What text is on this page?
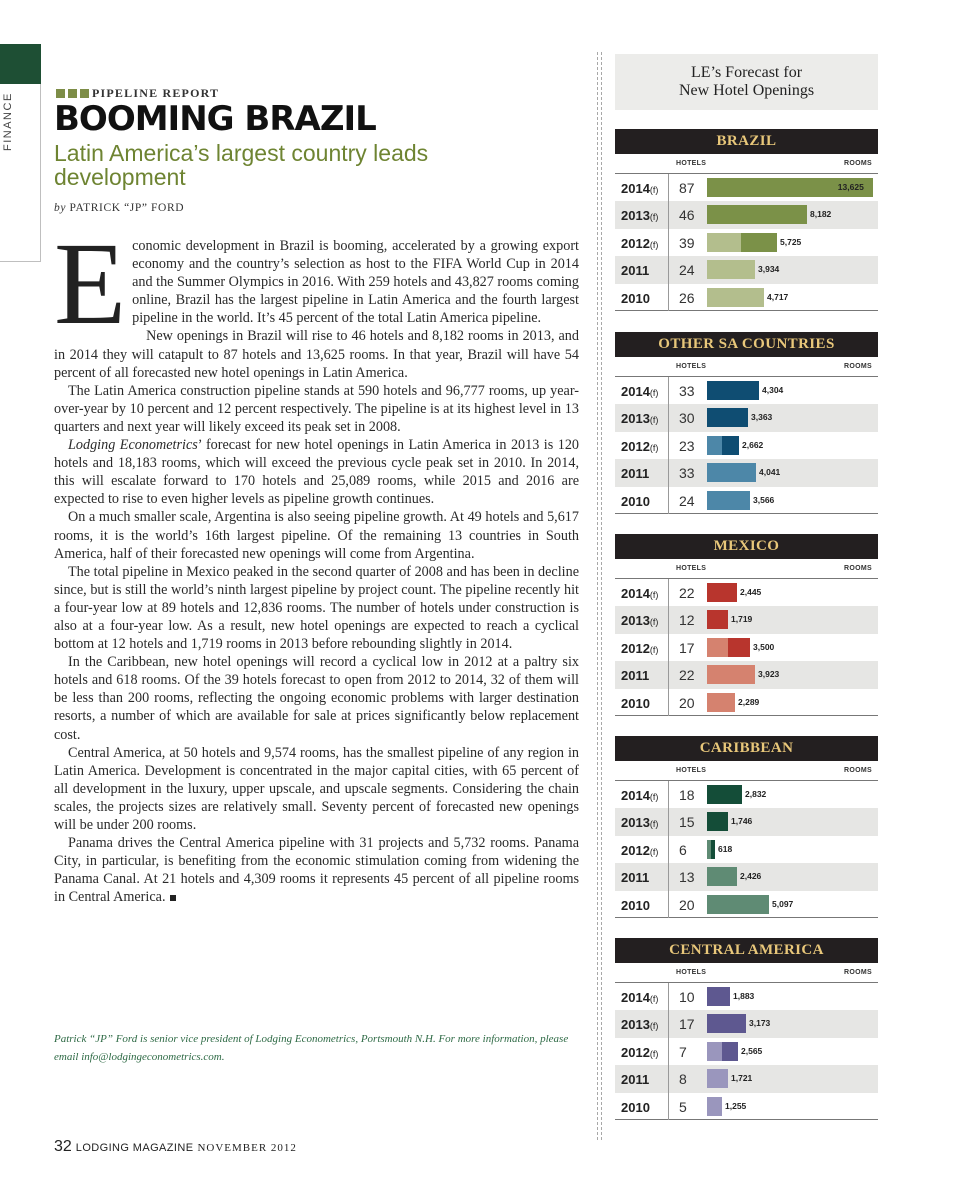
FINANCE
PIPELINE REPORT
BOOMING BRAZIL
Latin America’s largest country leads development
by PATRICK “JP” FORD

Economic development in Brazil is booming, accelerated by a growing export economy and the country’s selection as host to the FIFA World Cup in 2014 and the Summer Olympics in 2016. With 259 hotels and 43,827 rooms coming online, Brazil has the largest pipeline in Latin America and the fourth largest pipeline in the world. It’s 45 percent of the total Latin America pipeline.

New openings in Brazil will rise to 46 hotels and 8,182 rooms in 2013, and in 2014 they will catapult to 87 hotels and 13,625 rooms. In that year, Brazil will have 54 percent of all forecasted new hotel openings in Latin America.

The Latin America construction pipeline stands at 590 hotels and 96,777 rooms, up year-over-year by 10 percent and 12 percent respectively. The pipeline is at its highest level in 13 quarters and next year will likely exceed its peak set in 2008.

Lodging Econometrics’ forecast for new hotel openings in Latin America in 2013 is 120 hotels and 18,183 rooms, which will exceed the previous cycle peak set in 2010. In 2014, this will escalate forward to 170 hotels and 25,089 rooms, while 2015 and 2016 are expected to rise to even higher levels as pipeline growth continues.

On a much smaller scale, Argentina is also seeing pipeline growth. At 49 hotels and 5,617 rooms, it is the world’s 16th largest pipeline. Of the remaining 13 countries in South America, half of their forecasted new openings will come from Argentina.

The total pipeline in Mexico peaked in the second quarter of 2008 and has been in decline since, but is still the world’s ninth largest pipeline by project count. The pipeline recently hit a four-year low at 89 hotels and 12,836 rooms. The number of hotels under construction is also at a four-year low. As a result, new hotel openings are expected to reach a cyclical bottom at 12 hotels and 1,719 rooms in 2013 before rebounding slightly in 2014.

In the Caribbean, new hotel openings will record a cyclical low in 2012 at a paltry six hotels and 618 rooms. Of the 39 hotels forecast to open from 2012 to 2014, 32 of them will be less than 200 rooms, reflecting the ongoing economic problems with larger destination resorts, a number of which are available for sale at prices significantly below replacement cost.

Central America, at 50 hotels and 9,574 rooms, has the smallest pipeline of any region in Latin America. Development is concentrated in the major capital cities, with 65 percent of all development in the luxury, upper upscale, and upscale segments. Considering the chain scales, the projects sizes are relatively small. Seventy percent of forecasted new openings will be under 200 rooms.

Panama drives the Central America pipeline with 31 projects and 5,732 rooms. Panama City, in particular, is benefiting from the economic stimulation coming from widening the Panama Canal. At 21 hotels and 4,309 rooms it represents 45 percent of all pipeline rooms in Central America.

Patrick “JP” Ford is senior vice president of Lodging Econometrics, Portsmouth N.H. For more information, please email info@lodgingeconometrics.com.
32 LODGING MAGAZINE NOVEMBER 2012
LE’s Forecast for
New Hotel Openings
BRAZIL
HOTELS	ROOMS
2014(f) 87	13,625
2013(f) 46	8,182
2012(f) 39	5,725
2011 24	3,934
2010 26	4,717
OTHER SA COUNTRIES
HOTELS	ROOMS
2014(f) 33	4,304
2013(f) 30	3,363
2012(f) 23	2,662
2011 33	4,041
2010 24	3,566
MEXICO
HOTELS	ROOMS
2014(f) 22	2,445
2013(f) 12	1,719
2012(f) 17	3,500
2011 22	3,923
2010 20	2,289
CARIBBEAN
HOTELS	ROOMS
2014(f) 18	2,832
2013(f) 15	1,746
2012(f) 6	618
2011 13	2,426
2010 20	5,097
CENTRAL AMERICA
HOTELS	ROOMS
2014(f) 10	1,883
2013(f) 17	3,173
2012(f) 7	2,565
2011 8	1,721
2010 5	1,255
